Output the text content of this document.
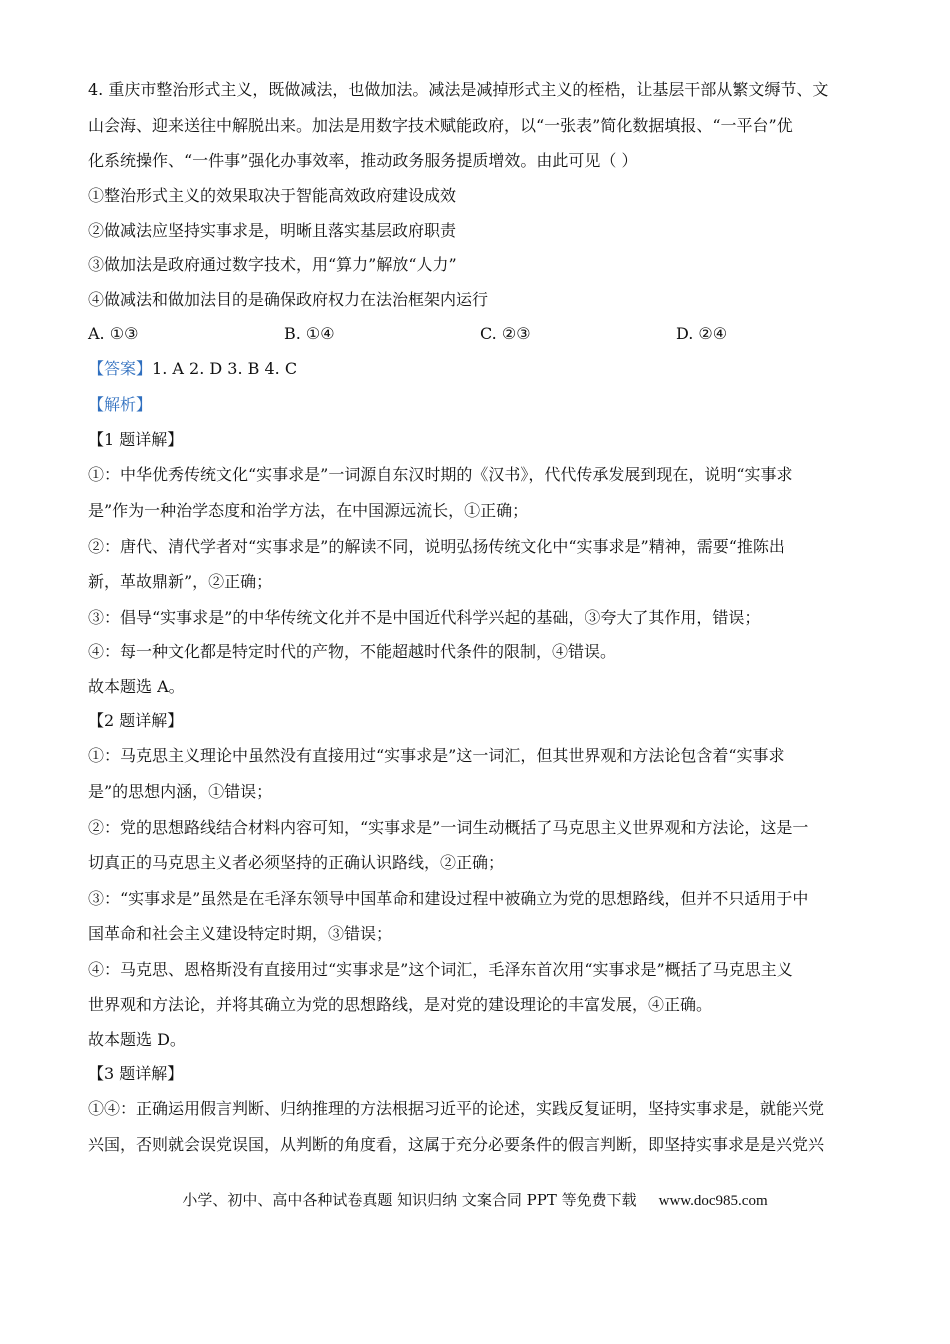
4. 重庆市整治形式主义，既做减法，也做加法。减法是减掉形式主义的桎梏，让基层干部从繁文缛节、文

山会海、迎来送往中解脱出来。加法是用数字技术赋能政府，以“一张表”简化数据填报、“一平台”优

化系统操作、“一件事”强化办事效率，推动政务服务提质增效。由此可见（ ）

①整治形式主义的效果取决于智能高效政府建设成效

②做减法应坚持实事求是，明晰且落实基层政府职责

③做加法是政府通过数字技术，用“算力”解放“人力”

④做减法和做加法目的是确保政府权力在法治框架内运行

A. ①③	B. ①④	C. ②③	D. ②④

【答案】1. A 2. D 3. B 4. C

【解析】

【1 题详解】

①：中华优秀传统文化“实事求是”一词源自东汉时期的《汉书》，代代传承发展到现在，说明“实事求

是”作为一种治学态度和治学方法，在中国源远流长，①正确；

②：唐代、清代学者对“实事求是”的解读不同，说明弘扬传统文化中“实事求是”精神，需要“推陈出

新，革故鼎新”，②正确；

③：倡导“实事求是”的中华传统文化并不是中国近代科学兴起的基础，③夸大了其作用，错误；

④：每一种文化都是特定时代的产物，不能超越时代条件的限制，④错误。

故本题选 A。

【2 题详解】

①：马克思主义理论中虽然没有直接用过“实事求是”这一词汇，但其世界观和方法论包含着“实事求

是”的思想内涵，①错误；

②：党的思想路线结合材料内容可知，“实事求是”一词生动概括了马克思主义世界观和方法论，这是一

切真正的马克思主义者必须坚持的正确认识路线，②正确；

③：“实事求是”虽然是在毛泽东领导中国革命和建设过程中被确立为党的思想路线，但并不只适用于中

国革命和社会主义建设特定时期，③错误；

④：马克思、恩格斯没有直接用过“实事求是”这个词汇，毛泽东首次用“实事求是”概括了马克思主义

世界观和方法论，并将其确立为党的思想路线，是对党的建设理论的丰富发展，④正确。

故本题选 D。

【3 题详解】

①④：正确运用假言判断、归纳推理的方法根据习近平的论述，实践反复证明，坚持实事求是，就能兴党

兴国，否则就会误党误国，从判断的角度看，这属于充分必要条件的假言判断，即坚持实事求是是兴党兴

小学、初中、高中各种试卷真题 知识归纳 文案合同 PPT 等免费下载 www.doc985.com
